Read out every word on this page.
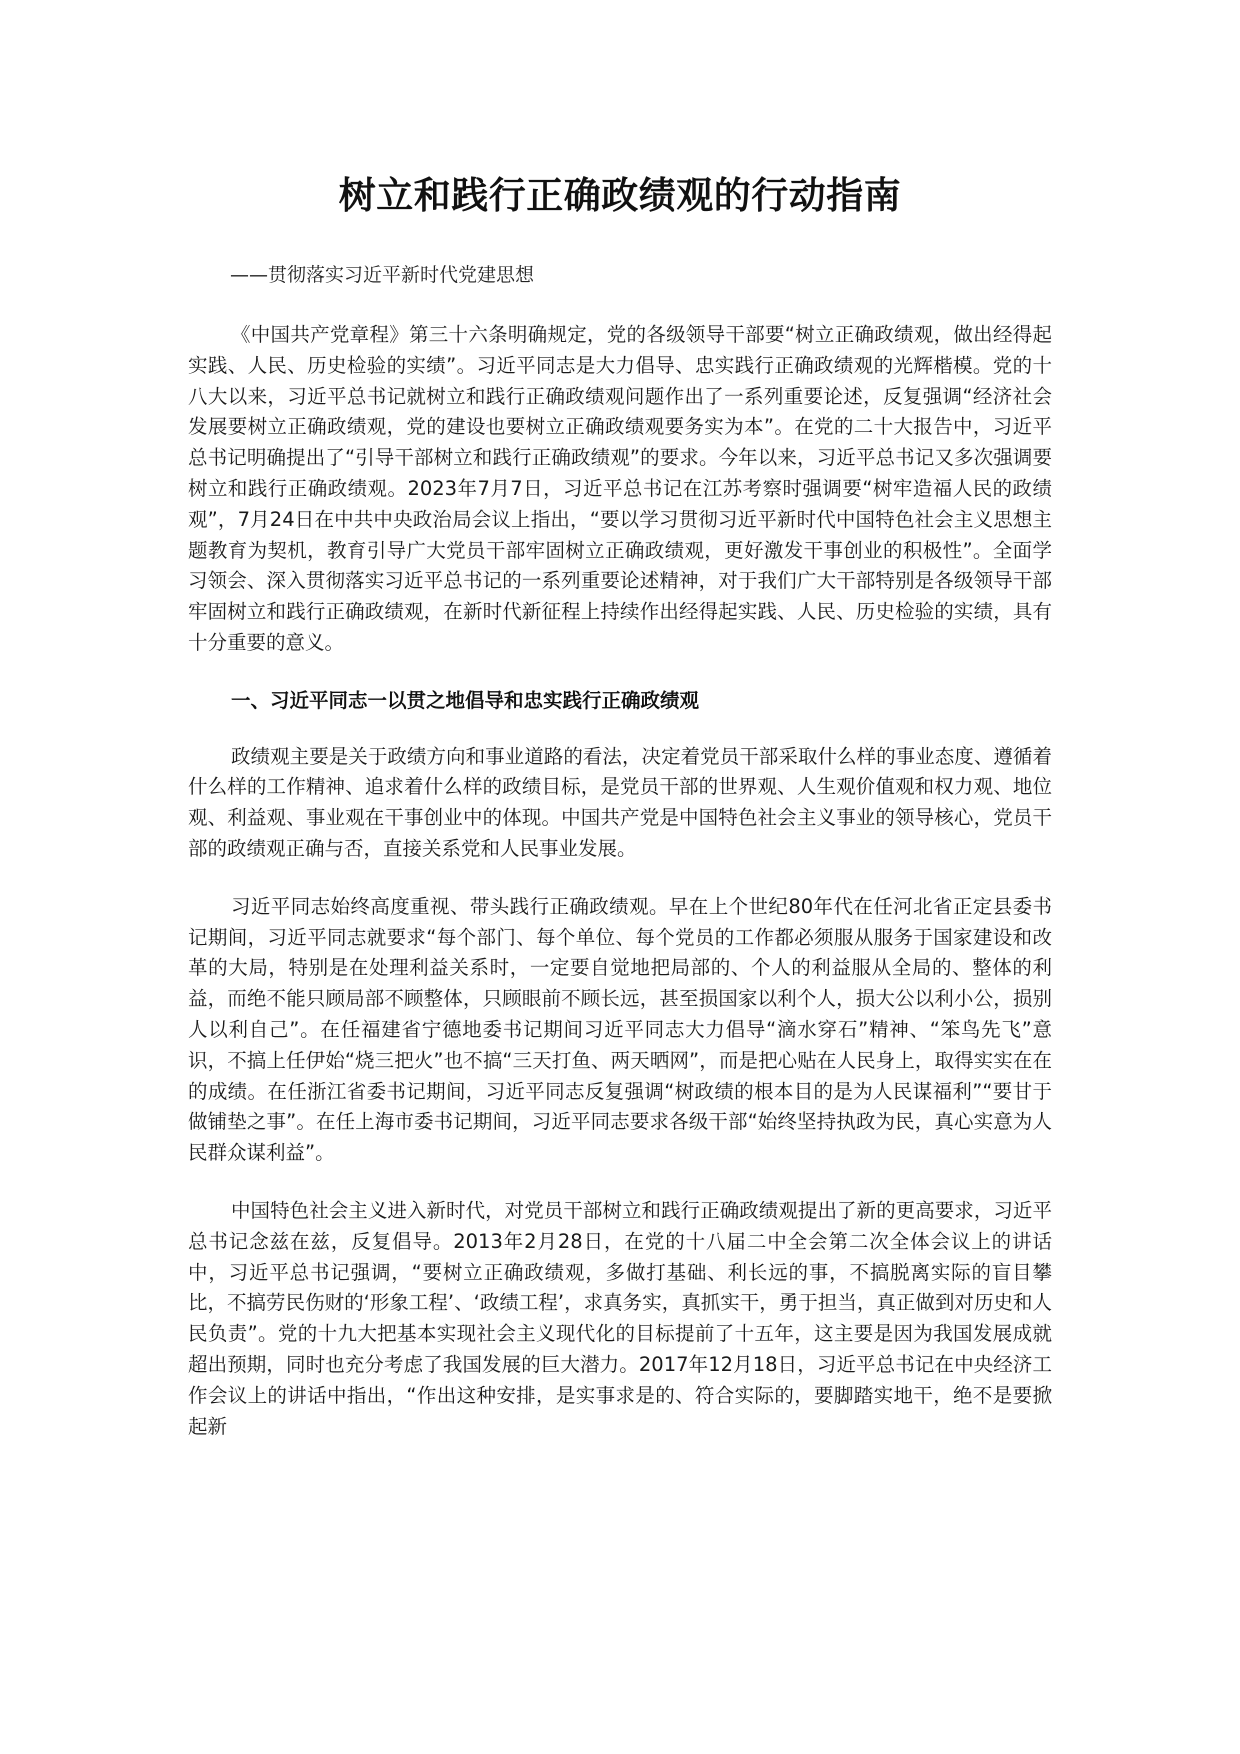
树立和践行正确政绩观的行动指南

——贯彻落实习近平新时代党建思想

《中国共产党章程》第三十六条明确规定，党的各级领导干部要“树立正确政绩观，做出经得起实践、人民、历史检验的实绩”。习近平同志是大力倡导、忠实践行正确政绩观的光辉楷模。党的十八大以来，习近平总书记就树立和践行正确政绩观问题作出了一系列重要论述，反复强调“经济社会发展要树立正确政绩观，党的建设也要树立正确政绩观要务实为本”。在党的二十大报告中，习近平总书记明确提出了“引导干部树立和践行正确政绩观”的要求。今年以来，习近平总书记又多次强调要树立和践行正确政绩观。2023年7月7日，习近平总书记在江苏考察时强调要“树牢造福人民的政绩观”，7月24日在中共中央政治局会议上指出，“要以学习贯彻习近平新时代中国特色社会主义思想主题教育为契机，教育引导广大党员干部牢固树立正确政绩观，更好激发干事创业的积极性”。全面学习领会、深入贯彻落实习近平总书记的一系列重要论述精神，对于我们广大干部特别是各级领导干部牢固树立和践行正确政绩观，在新时代新征程上持续作出经得起实践、人民、历史检验的实绩，具有十分重要的意义。

一、习近平同志一以贯之地倡导和忠实践行正确政绩观

政绩观主要是关于政绩方向和事业道路的看法，决定着党员干部采取什么样的事业态度、遵循着什么样的工作精神、追求着什么样的政绩目标，是党员干部的世界观、人生观价值观和权力观、地位观、利益观、事业观在干事创业中的体现。中国共产党是中国特色社会主义事业的领导核心，党员干部的政绩观正确与否，直接关系党和人民事业发展。

习近平同志始终高度重视、带头践行正确政绩观。早在上个世纪80年代在任河北省正定县委书记期间，习近平同志就要求“每个部门、每个单位、每个党员的工作都必须服从服务于国家建设和改革的大局，特别是在处理利益关系时，一定要自觉地把局部的、个人的利益服从全局的、整体的利益，而绝不能只顾局部不顾整体，只顾眼前不顾长远，甚至损国家以利个人，损大公以利小公，损别人以利自己”。在任福建省宁德地委书记期间习近平同志大力倡导“滴水穿石”精神、“笨鸟先飞”意识，不搞上任伊始“烧三把火”也不搞“三天打鱼、两天晒网”，而是把心贴在人民身上，取得实实在在的成绩。在任浙江省委书记期间，习近平同志反复强调“树政绩的根本目的是为人民谋福利”“要甘于做铺垫之事”。在任上海市委书记期间，习近平同志要求各级干部“始终坚持执政为民，真心实意为人民群众谋利益”。

中国特色社会主义进入新时代，对党员干部树立和践行正确政绩观提出了新的更高要求，习近平总书记念兹在兹，反复倡导。2013年2月28日，在党的十八届二中全会第二次全体会议上的讲话中，习近平总书记强调，“要树立正确政绩观，多做打基础、利长远的事，不搞脱离实际的盲目攀比，不搞劳民伤财的‘形象工程’、‘政绩工程’，求真务实，真抓实干，勇于担当，真正做到对历史和人民负责”。党的十九大把基本实现社会主义现代化的目标提前了十五年，这主要是因为我国发展成就超出预期，同时也充分考虑了我国发展的巨大潜力。2017年12月18日，习近平总书记在中央经济工作会议上的讲话中指出，“作出这种安排，是实事求是的、符合实际的，要脚踏实地干，绝不是要掀起新
